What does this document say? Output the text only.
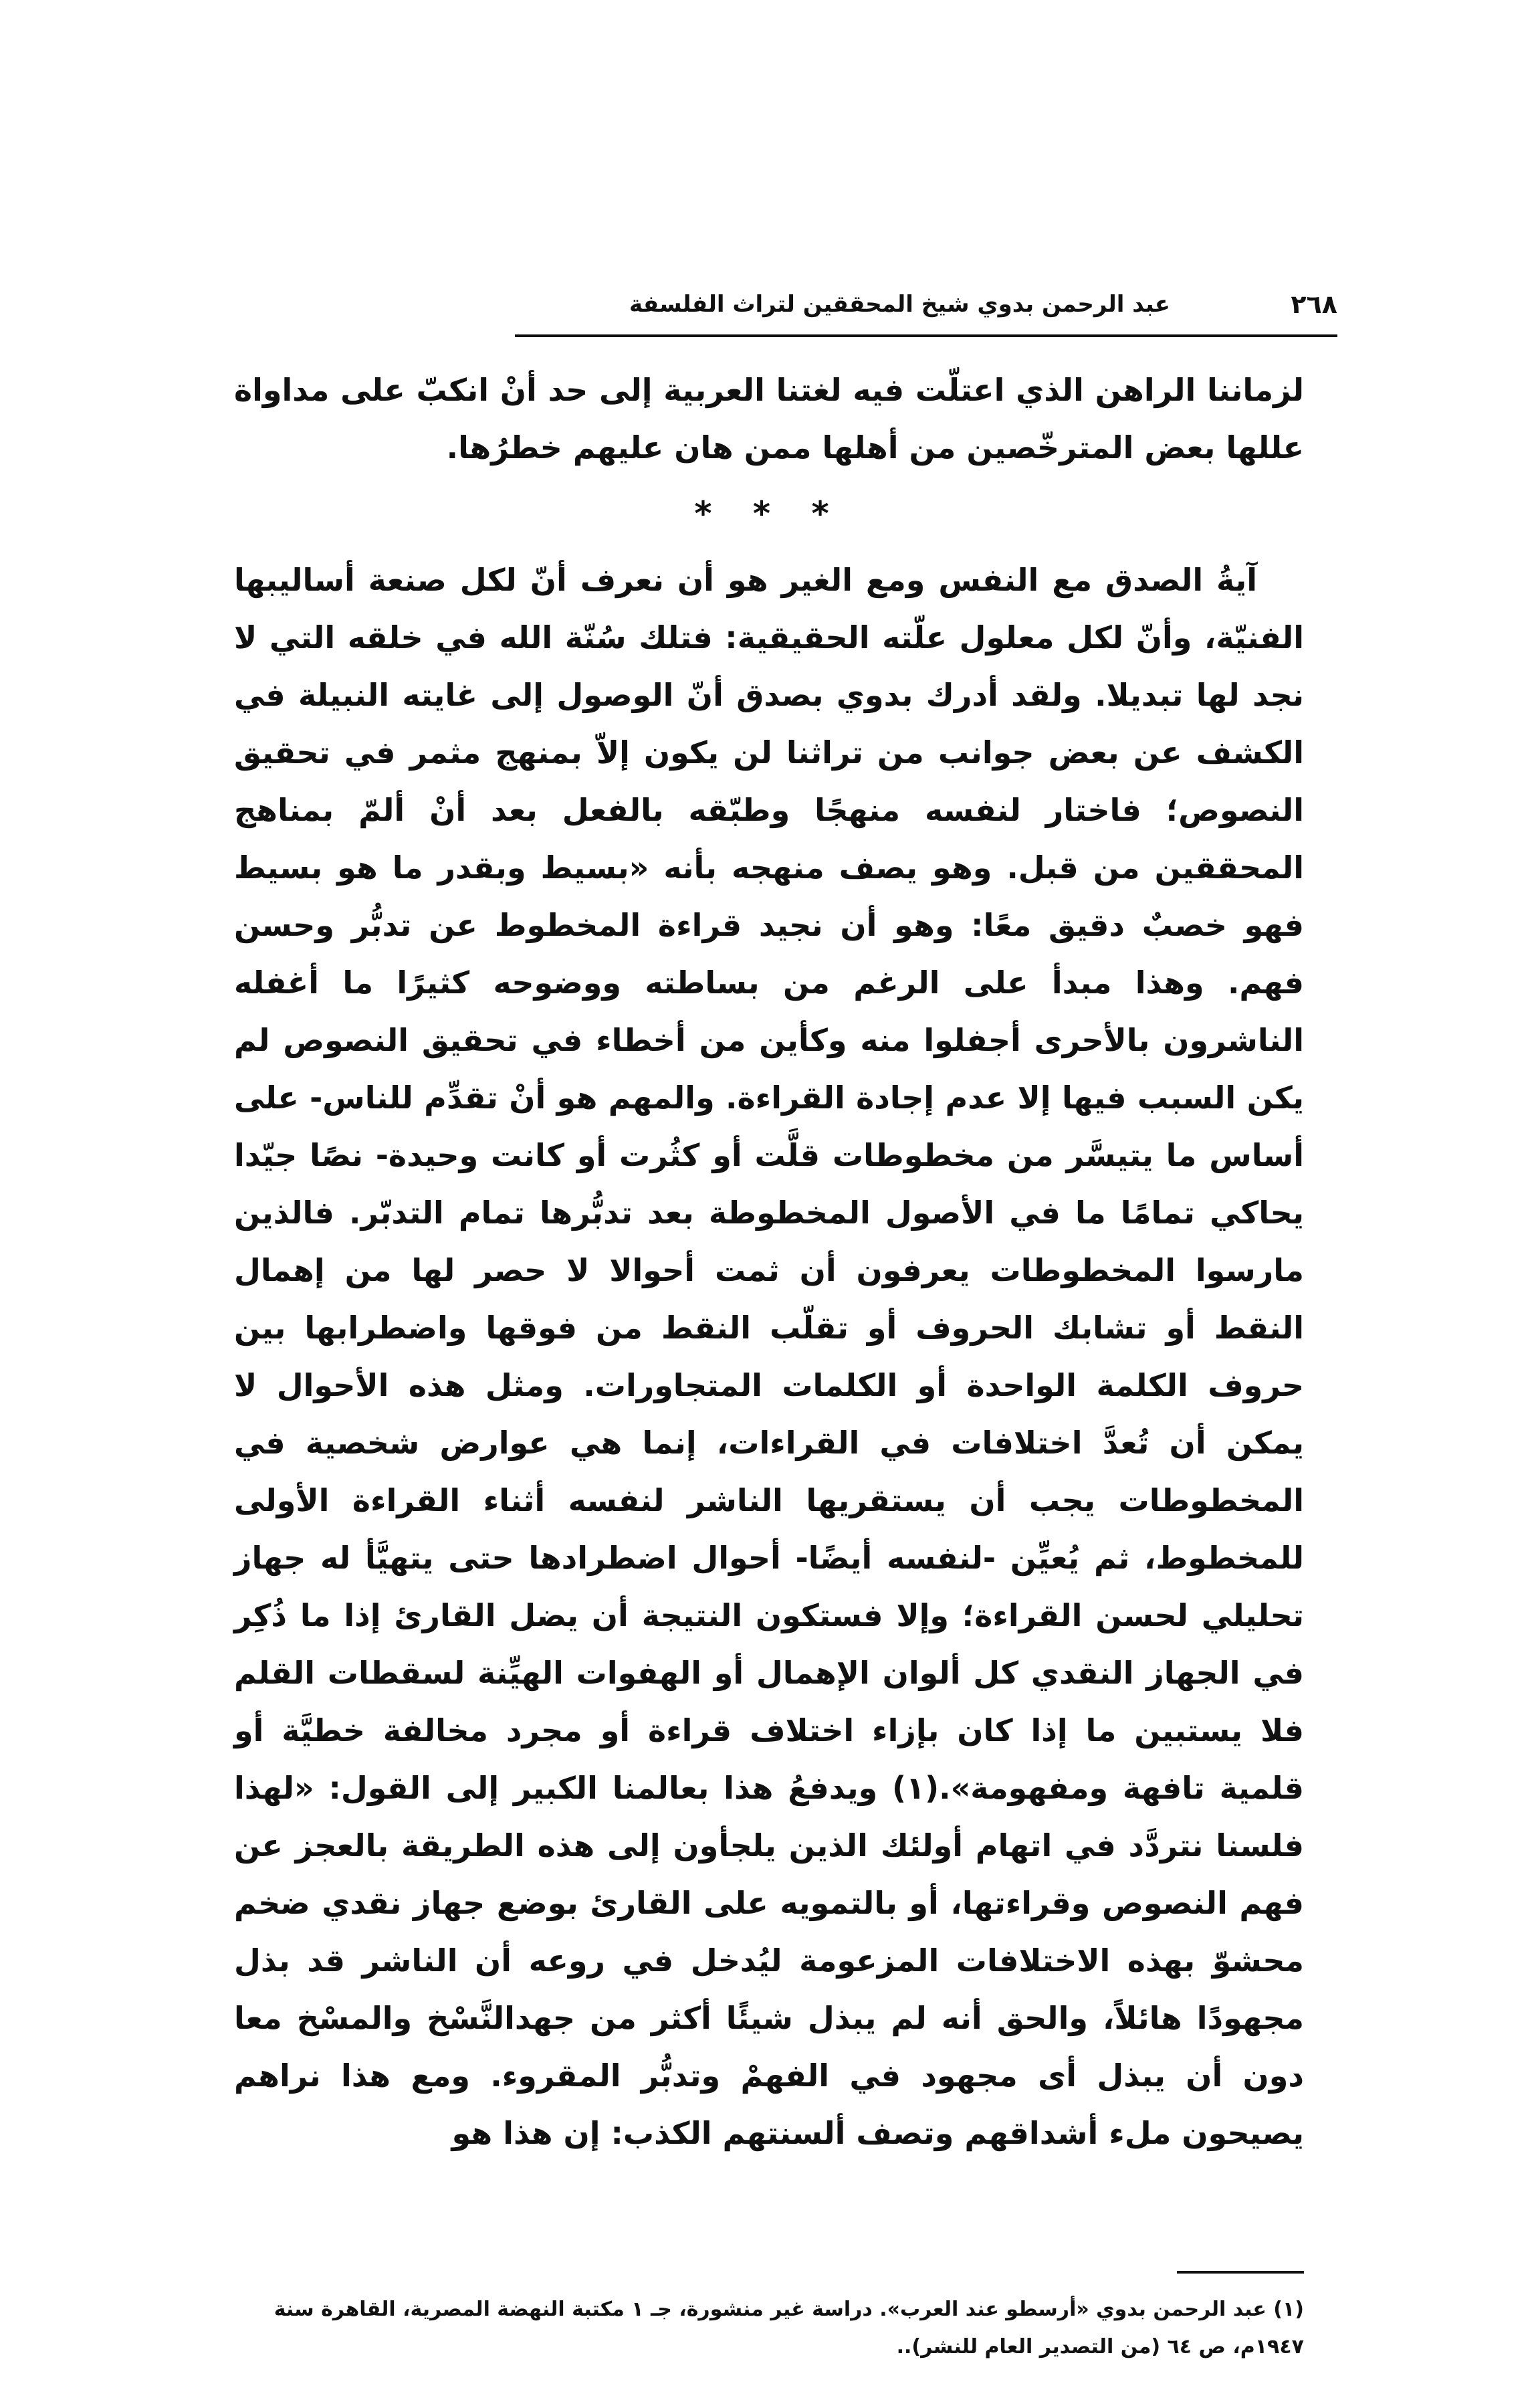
٢٦٨
عبد الرحمن بدوي شيخ المحققين لتراث الفلسفة

لزماننا الراهن الذي اعتلّت فيه لغتنا العربية إلى حد أنْ انكبّ على مداواة عللها بعض المترخّصين من أهلها ممن هان عليهم خطرُها.

* * *

آيةُ الصدق مع النفس ومع الغير هو أن نعرف أنّ لكل صنعة أساليبها الفنيّة، وأنّ لكل معلول علّته الحقيقية: فتلك سُنّة الله في خلقه التي لا نجد لها تبديلا. ولقد أدرك بدوي بصدق أنّ الوصول إلى غايته النبيلة في الكشف عن بعض جوانب من تراثنا لن يكون إلاّ بمنهج مثمر في تحقيق النصوص؛ فاختار لنفسه منهجًا وطبّقه بالفعل بعد أنْ ألمّ بمناهج المحققين من قبل. وهو يصف منهجه بأنه «بسيط وبقدر ما هو بسيط فهو خصبٌ دقيق معًا: وهو أن نجيد قراءة المخطوط عن تدبُّر وحسن فهم. وهذا مبدأ على الرغم من بساطته ووضوحه كثيرًا ما أغفله الناشرون بالأحرى أجفلوا منه وكأين من أخطاء في تحقيق النصوص لم يكن السبب فيها إلا عدم إجادة القراءة. والمهم هو أنْ تقدِّم للناس- على أساس ما يتيسَّر من مخطوطات قلَّت أو كثُرت أو كانت وحيدة- نصًا جيّدا يحاكي تمامًا ما في الأصول المخطوطة بعد تدبُّرها تمام التدبّر. فالذين مارسوا المخطوطات يعرفون أن ثمت أحوالا لا حصر لها من إهمال النقط أو تشابك الحروف أو تقلّب النقط من فوقها واضطرابها بين حروف الكلمة الواحدة أو الكلمات المتجاورات. ومثل هذه الأحوال لا يمكن أن تُعدَّ اختلافات في القراءات، إنما هي عوارض شخصية في المخطوطات يجب أن يستقريها الناشر لنفسه أثناء القراءة الأولى للمخطوط، ثم يُعيِّن -لنفسه أيضًا- أحوال اضطرادها حتى يتهيَّأ له جهاز تحليلي لحسن القراءة؛ وإلا فستكون النتيجة أن يضل القارئ إذا ما ذُكِر في الجهاز النقدي كل ألوان الإهمال أو الهفوات الهيِّنة لسقطات القلم فلا يستبين ما إذا كان بإزاء اختلاف قراءة أو مجرد مخالفة خطيَّة أو قلمية تافهة ومفهومة».(١) ويدفعُ هذا بعالمنا الكبير إلى القول: «لهذا فلسنا نتردَّد في اتهام أولئك الذين يلجأون إلى هذه الطريقة بالعجز عن فهم النصوص وقراءتها، أو بالتمويه على القارئ بوضع جهاز نقدي ضخم محشوّ بهذه الاختلافات المزعومة ليُدخل في روعه أن الناشر قد بذل مجهودًا هائلاً، والحق أنه لم يبذل شيئًا أكثر من جهدالنَّسْخ والمسْخ معا دون أن يبذل أى مجهود في الفهمْ وتدبُّر المقروء. ومع هذا نراهم يصيحون ملء أشداقهم وتصف ألسنتهم الكذب: إن هذا هو

(١) عبد الرحمن بدوي «أرسطو عند العرب». دراسة غير منشورة، جـ ١ مكتبة النهضة المصرية، القاهرة سنة ١٩٤٧م، ص ٦٤ (من التصدير العام للنشر)..
